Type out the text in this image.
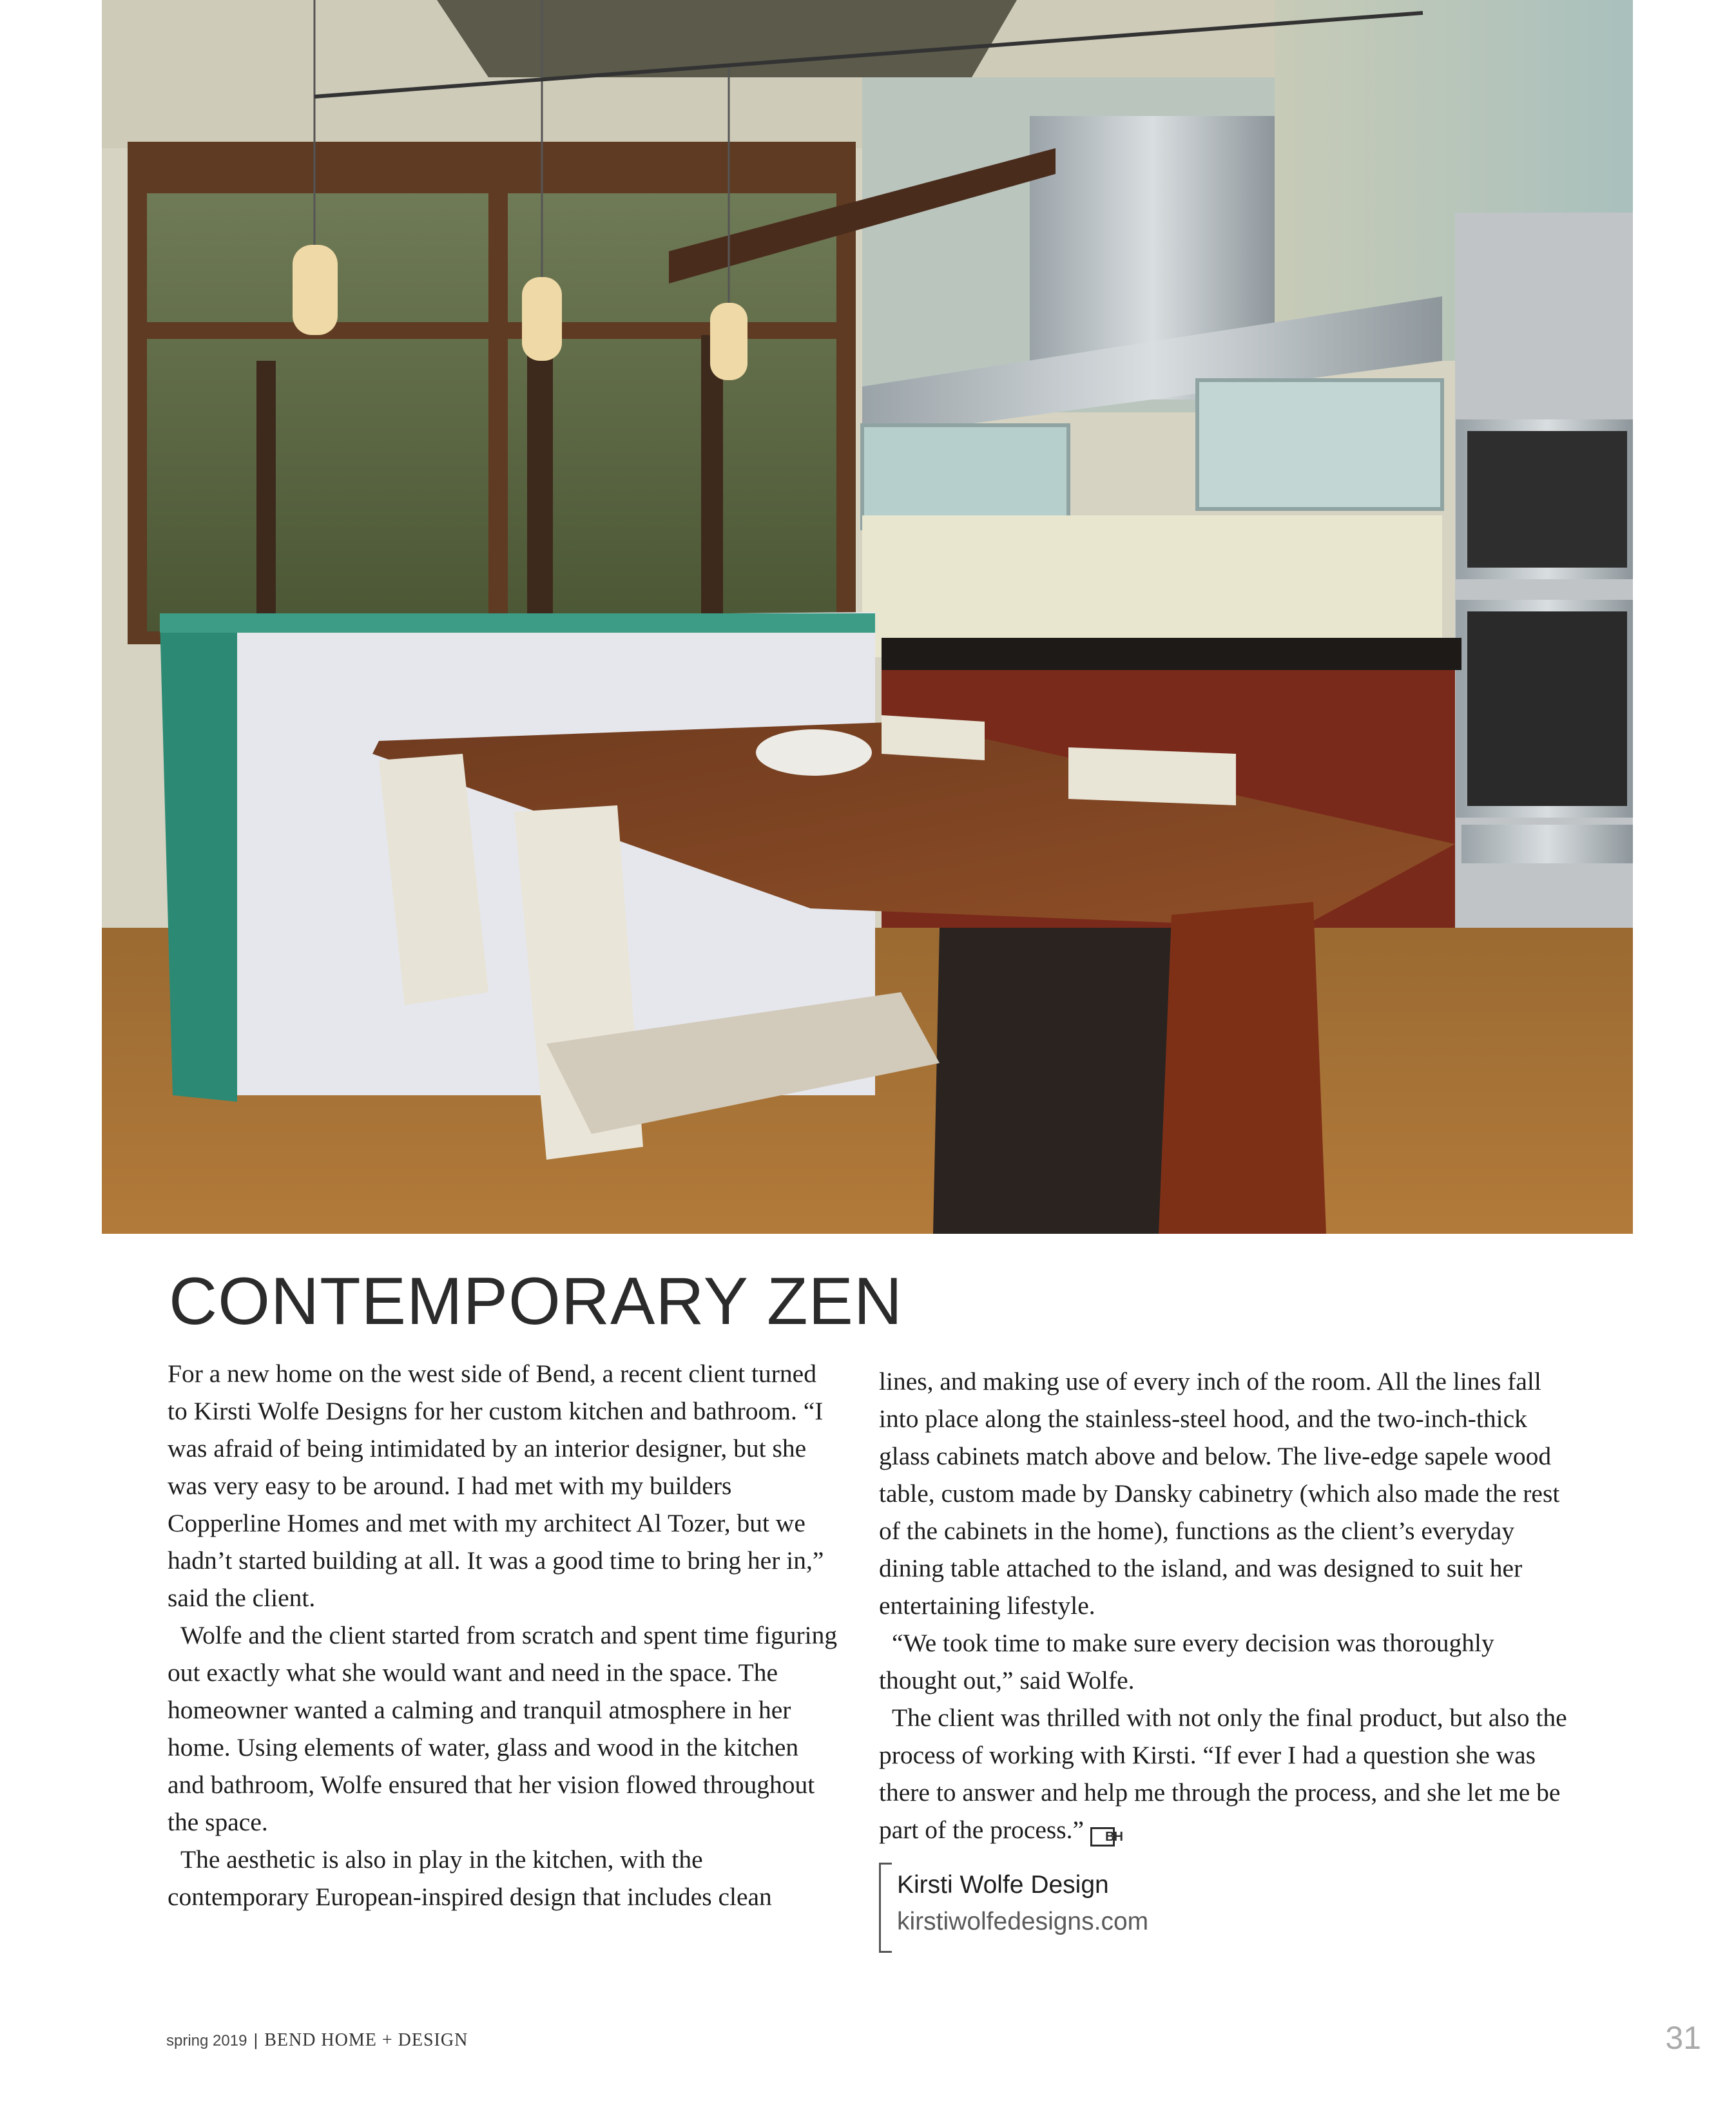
CONTEMPORARY ZEN

For a new home on the west side of Bend, a recent client turned to Kirsti Wolfe Designs for her custom kitchen and bathroom. “I was afraid of being intimidated by an interior designer, but she was very easy to be around. I had met with my builders Copperline Homes and met with my architect Al Tozer, but we hadn’t started building at all. It was a good time to bring her in,” said the client.

Wolfe and the client started from scratch and spent time figuring out exactly what she would want and need in the space. The homeowner wanted a calming and tranquil atmosphere in her home. Using elements of water, glass and wood in the kitchen and bathroom, Wolfe ensured that her vision flowed throughout the space.

The aesthetic is also in play in the kitchen, with the contemporary European-inspired design that includes clean

lines, and making use of every inch of the room. All the lines fall into place along the stainless-steel hood, and the two-inch-thick glass cabinets match above and below. The live-edge sapele wood table, custom made by Dansky cabinetry (which also made the rest of the cabinets in the home), functions as the client’s everyday dining table attached to the island, and was designed to suit her entertaining lifestyle.

“We took time to make sure every decision was thoroughly thought out,” said Wolfe.

The client was thrilled with not only the final product, but also the process of working with Kirsti. “If ever I had a question she was there to answer and help me through the process, and she let me be part of the process.” BH

Kirsti Wolfe Design
kirstiwolfedesigns.com
spring 2019 | BEND HOME + DESIGN	31
